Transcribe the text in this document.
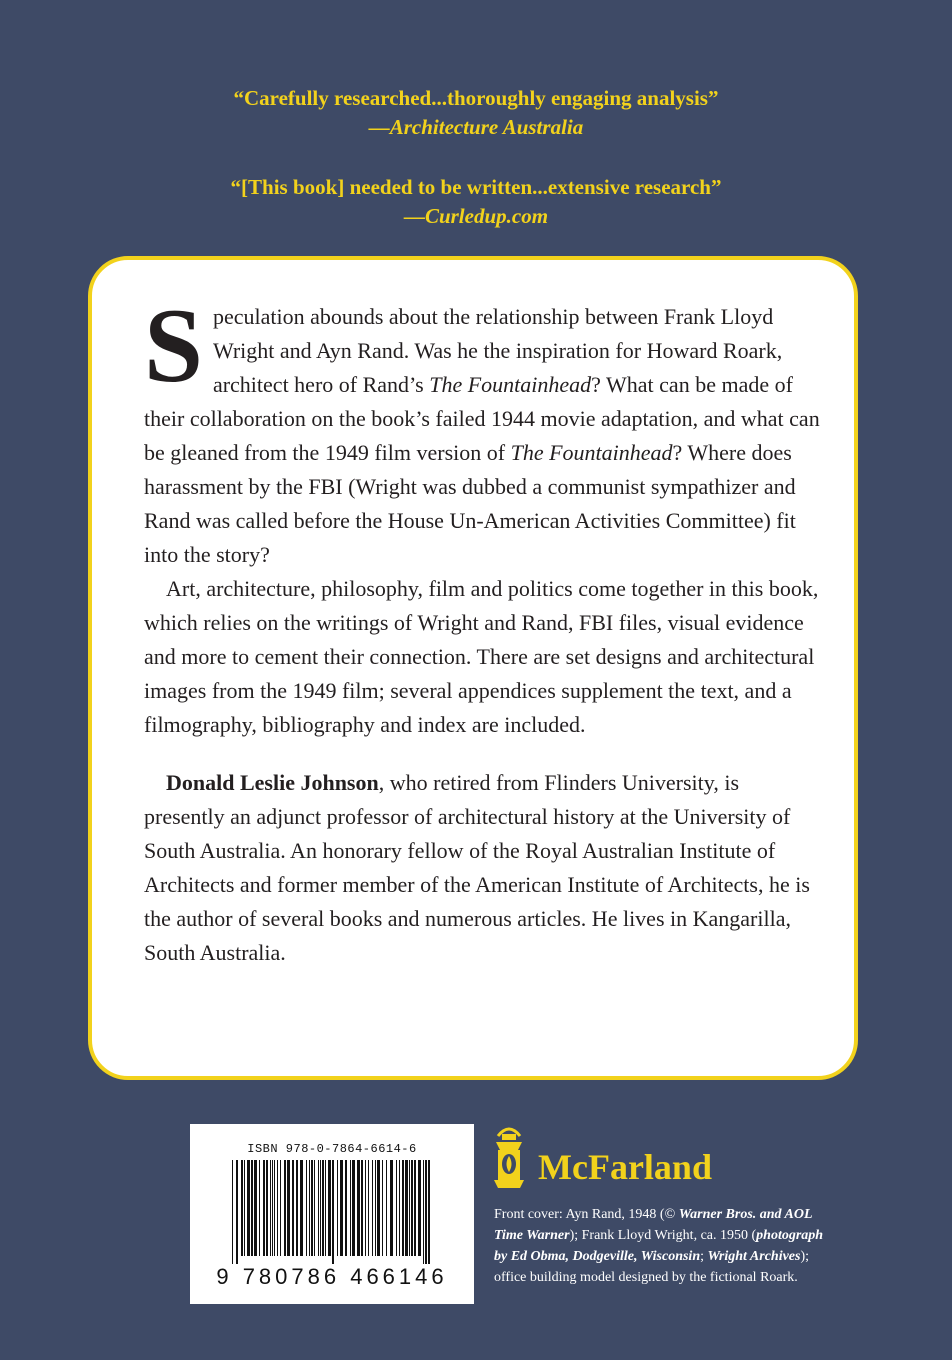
“Carefully researched...thoroughly engaging analysis”
—Architecture Australia
“[This book] needed to be written...extensive research”
—Curledup.com

Speculation abounds about the relationship between Frank Lloyd Wright and Ayn Rand. Was he the inspiration for Howard Roark, architect hero of Rand’s The Fountainhead? What can be made of their collaboration on the book’s failed 1944 movie adaptation, and what can be gleaned from the 1949 film version of The Fountainhead? Where does harassment by the FBI (Wright was dubbed a communist sympathizer and Rand was called before the House Un-American Activities Committee) fit into the story?

Art, architecture, philosophy, film and politics come together in this book, which relies on the writings of Wright and Rand, FBI files, visual evidence and more to cement their connection. There are set designs and architectural images from the 1949 film; several appendices supplement the text, and a filmography, bibliography and index are included.

Donald Leslie Johnson, who retired from Flinders University, is presently an adjunct professor of architectural history at the University of South Australia. An honorary fellow of the Royal Australian Institute of Architects and former member of the American Institute of Architects, he is the author of several books and numerous articles. He lives in Kangarilla, South Australia.

ISBN 978-0-7864-6614-6
9 780786 466146
McFarland
Front cover: Ayn Rand, 1948 (© Warner Bros. and AOL Time Warner); Frank Lloyd Wright, ca. 1950 (photograph by Ed Obma, Dodgeville, Wisconsin; Wright Archives); office building model designed by the fictional Roark.
